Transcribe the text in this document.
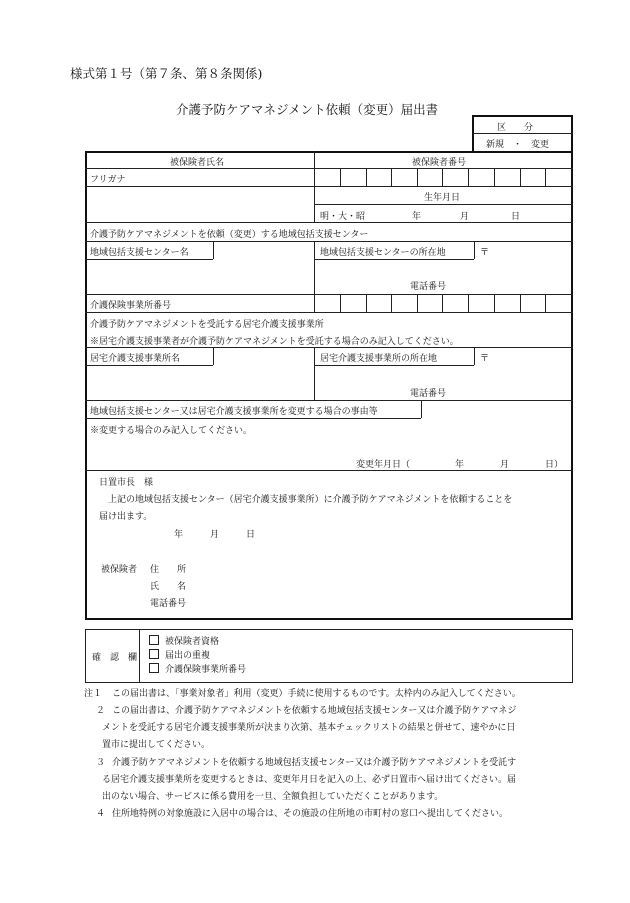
様式第１号（第７条、第８条関係)
介護予防ケアマネジメント依頼（変更）届出書
区　　分
新規　・　変更
被保険者氏名	被保険者番号
フリガナ
生年月日
明・大・昭	年	月	日
介護予防ケアマネジメントを依頼（変更）する地域包括支援センター
地域包括支援センター名	地域包括支援センターの所在地	〒
電話番号
介護保険事業所番号
介護予防ケアマネジメントを受託する居宅介護支援事業所
※居宅介護支援事業者が介護予防ケアマネジメントを受託する場合のみ記入してください。
居宅介護支援事業所名	居宅介護支援事業所の所在地	〒
電話番号
地域包括支援センター又は居宅介護支援事業所を変更する場合の事由等
※変更する場合のみ記入してください。
変更年月日（　　　　　年　　　　月　　　　日）
日置市長　様
上記の地域包括支援センター（居宅介護支援事業所）に介護予防ケアマネジメントを依頼することを
届け出ます。
年　　　月　　　日
被保険者 住　　所
氏　　名
電話番号
確　認　欄
被保険者資格
届出の重複
介護保険事業所番号
注１ この届出書は、「事業対象者」利用（変更）手続に使用するものです。太枠内のみ記入してください。
２ この届出書は、介護予防ケアマネジメントを依頼する地域包括支援センター又は介護予防ケアマネジ
メントを受託する居宅介護支援事業所が決まり次第、基本チェックリストの結果と併せて、速やかに日
置市に提出してください。
３ 介護予防ケアマネジメントを依頼する地域包括支援センター又は介護予防ケアマネジメントを受託す
る居宅介護支援事業所を変更するときは、変更年月日を記入の上、必ず日置市へ届け出てください。届
出のない場合、サービスに係る費用を一旦、全額負担していただくことがあります。
４ 住所地特例の対象施設に入居中の場合は、その施設の住所地の市町村の窓口へ提出してください。
